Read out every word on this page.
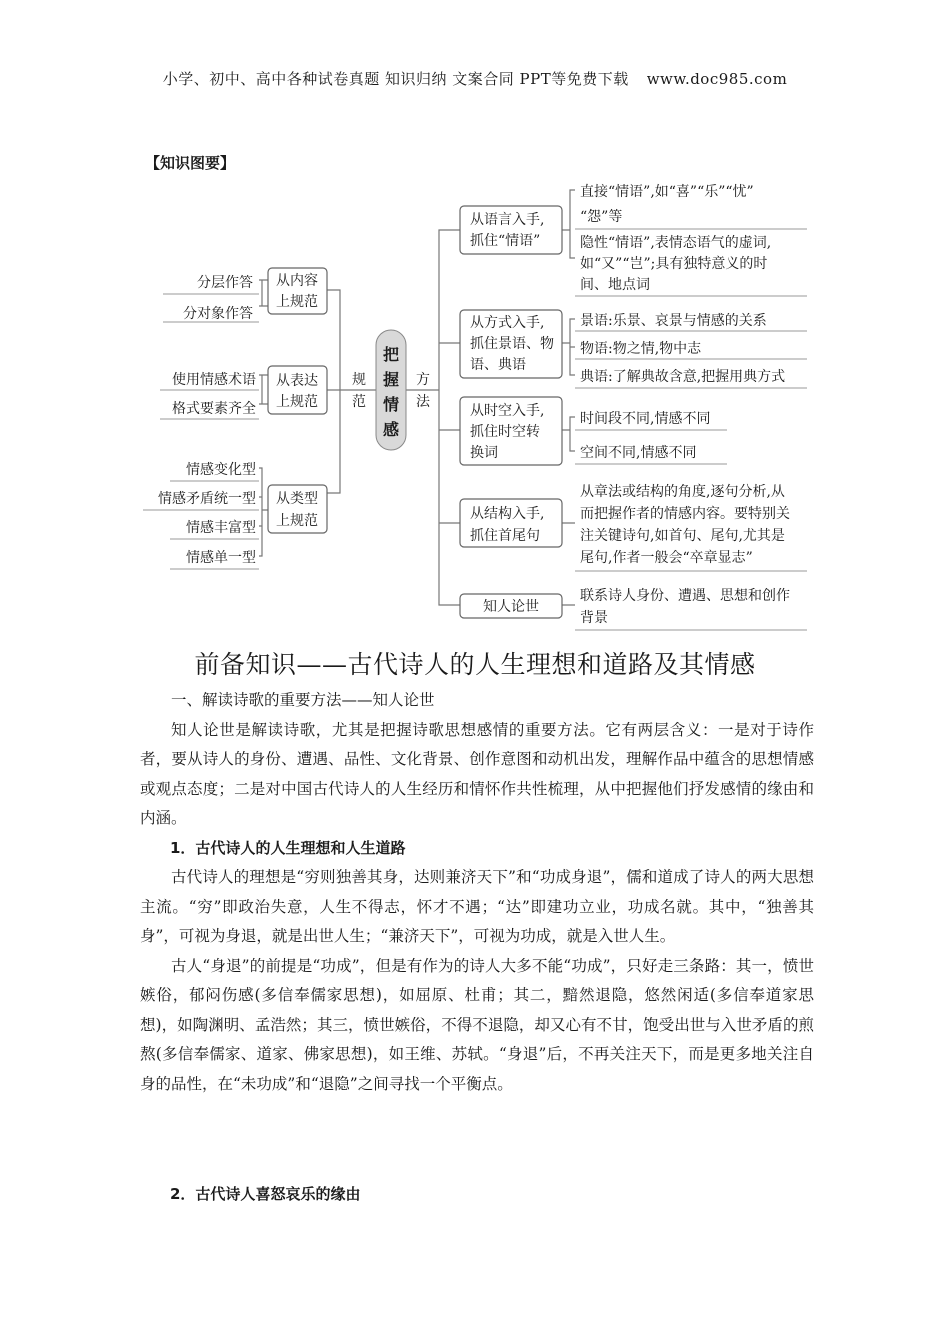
小学、初中、高中各种试卷真题 知识归纳 文案合同 PPT等免费下载 www.doc985.com
【知识图要】
从内容
上规范
分层作答
分对象作答
从表达
上规范
使用情感术语
格式要素齐全
从类型
上规范
情感变化型
情感矛盾统一型
情感丰富型
情感单一型
规
范
方
法
把
握
情
感
从语言入手,
抓住“情语”
直接“情语”,如“喜”“乐”“忧”
“怨”等
隐性“情语”,表情态语气的虚词,
如“又”“岂”;具有独特意义的时
间、地点词
从方式入手,
抓住景语、物
语、典语
景语:乐景、哀景与情感的关系
物语:物之情,物中志
典语:了解典故含意,把握用典方式
从时空入手,
抓住时空转
换词
时间段不同,情感不同
空间不同,情感不同
从结构入手,
抓住首尾句
从章法或结构的角度,逐句分析,从
而把握作者的情感内容。要特别关
注关键诗句,如首句、尾句,尤其是
尾句,作者一般会“卒章显志”
知人论世
联系诗人身份、遭遇、思想和创作
背景
前备知识——古代诗人的人生理想和道路及其情感

一、解读诗歌的重要方法——知人论世

知人论世是解读诗歌，尤其是把握诗歌思想感情的重要方法。它有两层含义：一是对于诗作者，要从诗人的身份、遭遇、品性、文化背景、创作意图和动机出发，理解作品中蕴含的思想情感或观点态度；二是对中国古代诗人的人生经历和情怀作共性梳理，从中把握他们抒发感情的缘由和内涵。

1．古代诗人的人生理想和人生道路

古代诗人的理想是“穷则独善其身，达则兼济天下”和“功成身退”，儒和道成了诗人的两大思想主流。“穷”即政治失意，人生不得志，怀才不遇；“达”即建功立业，功成名就。其中，“独善其身”，可视为身退，就是出世人生；“兼济天下”，可视为功成，就是入世人生。

古人“身退”的前提是“功成”，但是有作为的诗人大多不能“功成”，只好走三条路：其一，愤世嫉俗，郁闷伤感(多信奉儒家思想)，如屈原、杜甫；其二，黯然退隐，悠然闲适(多信奉道家思想)，如陶渊明、孟浩然；其三，愤世嫉俗，不得不退隐，却又心有不甘，饱受出世与入世矛盾的煎熬(多信奉儒家、道家、佛家思想)，如王维、苏轼。“身退”后，不再关注天下，而是更多地关注自身的品性，在“未功成”和“退隐”之间寻找一个平衡点。

2．古代诗人喜怒哀乐的缘由
